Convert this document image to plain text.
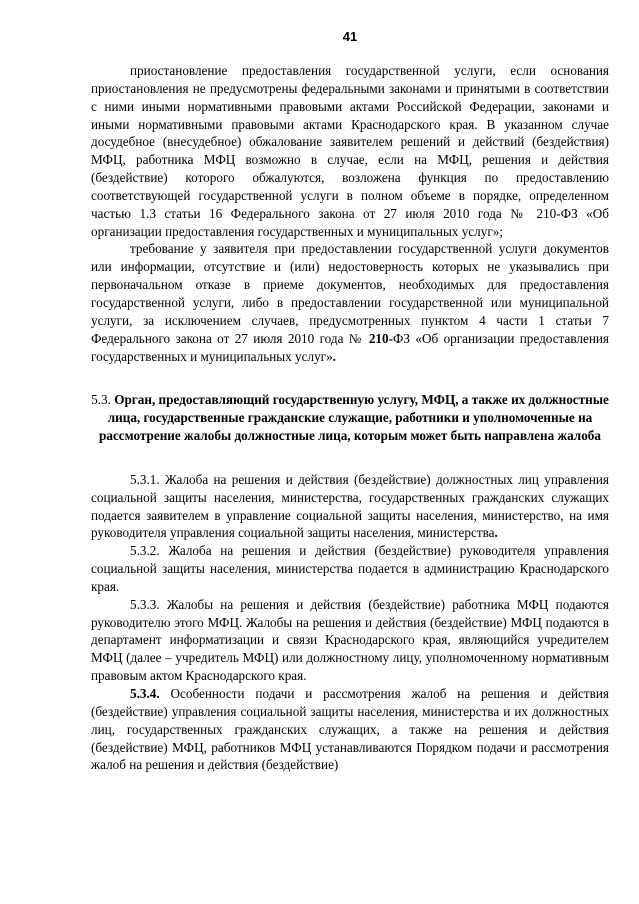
41

приостановление предоставления государственной услуги, если основания приостановления не предусмотрены федеральными законами и принятыми в соответствии с ними иными нормативными правовыми актами Российской Федерации, законами и иными нормативными правовыми актами Краснодарского края. В указанном случае досудебное (внесудебное) обжалование заявителем решений и действий (бездействия) МФЦ, работника МФЦ возможно в случае, если на МФЦ, решения и действия (бездействие) которого обжалуются, возложена функция по предоставлению соответствующей государственной услуги в полном объеме в порядке, определенном частью 1.3 статьи 16 Федерального закона от 27 июля 2010 года № 210-ФЗ «Об организации предоставления государственных и муниципальных услуг»;

требование у заявителя при предоставлении государственной услуги документов или информации, отсутствие и (или) недостоверность которых не указывались при первоначальном отказе в приеме документов, необходимых для предоставления государственной услуги, либо в предоставлении государственной или муниципальной услуги, за исключением случаев, предусмотренных пунктом 4 части 1 статьи 7 Федерального закона от 27 июля 2010 года № 210-ФЗ «Об организации предоставления государственных и муниципальных услуг».

5.3. Орган, предоставляющий государственную услугу, МФЦ, а также их должностные лица, государственные гражданские служащие, работники и уполномоченные на рассмотрение жалобы должностные лица, которым может быть направлена жалоба

5.3.1. Жалоба на решения и действия (бездействие) должностных лиц управления социальной защиты населения, министерства, государственных гражданских служащих подается заявителем в управление социальной защиты населения, министерство, на имя руководителя управления социальной защиты населения, министерства.

5.3.2. Жалоба на решения и действия (бездействие) руководителя управления социальной защиты населения, министерства подается в администрацию Краснодарского края.

5.3.3. Жалобы на решения и действия (бездействие) работника МФЦ подаются руководителю этого МФЦ. Жалобы на решения и действия (бездействие) МФЦ подаются в департамент информатизации и связи Краснодарского края, являющийся учредителем МФЦ (далее – учредитель МФЦ) или должностному лицу, уполномоченному нормативным правовым актом Краснодарского края.

5.3.4. Особенности подачи и рассмотрения жалоб на решения и действия (бездействие) управления социальной защиты населения, министерства и их должностных лиц, государственных гражданских служащих, а также на решения и действия (бездействие) МФЦ, работников МФЦ устанавливаются Порядком подачи и рассмотрения жалоб на решения и действия (бездействие)
